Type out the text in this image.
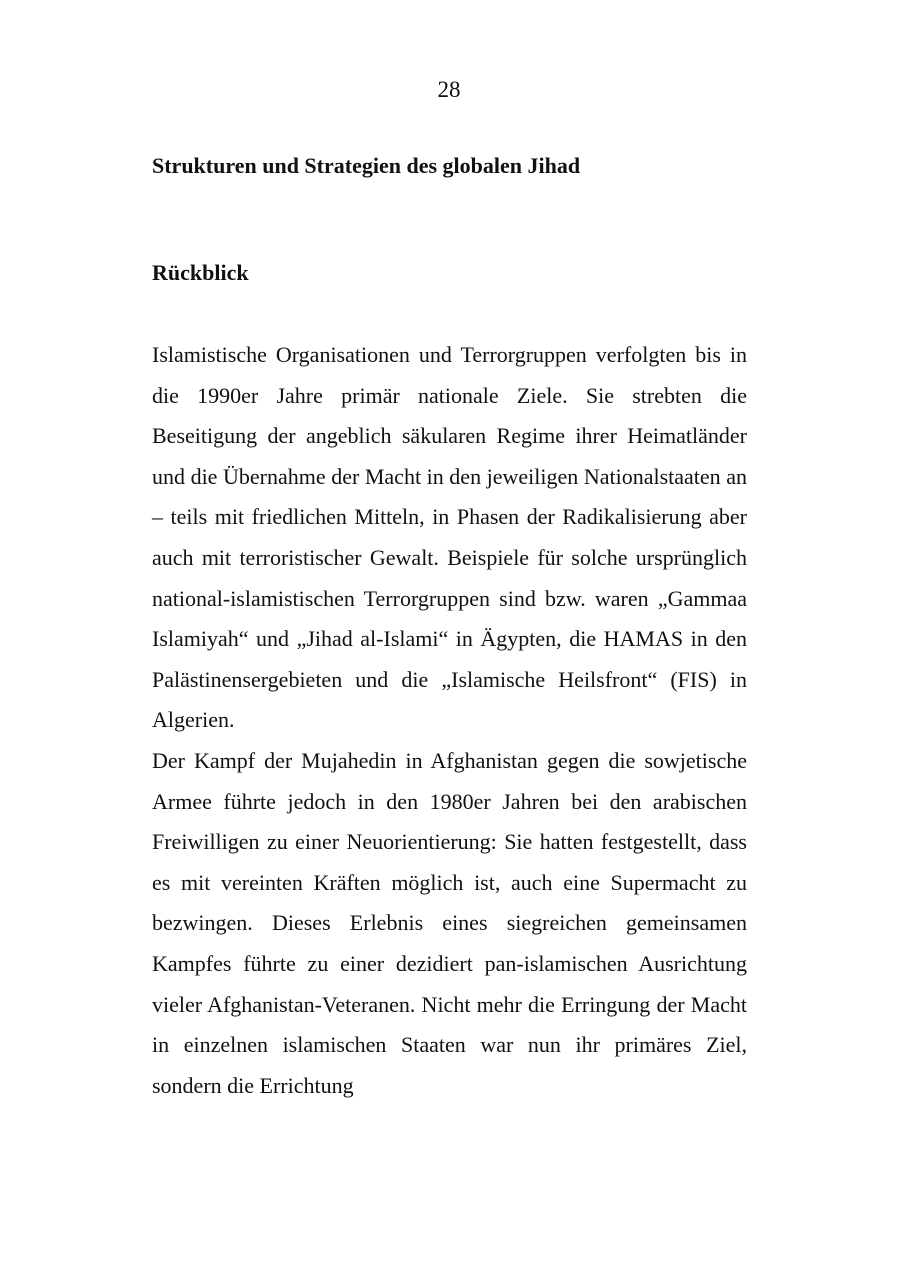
28
Strukturen und Strategien des globalen Jihad
Rückblick

Islamistische Organisationen und Terrorgruppen verfolgten bis in die 1990er Jahre primär nationale Ziele. Sie strebten die Beseitigung der angeblich säkularen Regime ihrer Heimatländer und die Übernahme der Macht in den jeweiligen Nationalstaaten an – teils mit friedlichen Mitteln, in Phasen der Radikalisierung aber auch mit terroristischer Gewalt. Beispiele für solche ursprünglich national-islamistischen Terrorgruppen sind bzw. waren „Gammaa Islamiyah“ und „Jihad al-Islami“ in Ägypten, die HAMAS in den Palästinensergebieten und die „Islamische Heilsfront“ (FIS) in Algerien.

Der Kampf der Mujahedin in Afghanistan gegen die sowjetische Armee führte jedoch in den 1980er Jahren bei den arabischen Freiwilligen zu einer Neuorientierung: Sie hatten festgestellt, dass es mit vereinten Kräften möglich ist, auch eine Supermacht zu bezwingen. Dieses Erlebnis eines siegreichen gemeinsamen Kampfes führte zu einer dezidiert pan-islamischen Ausrichtung vieler Afghanistan-Veteranen. Nicht mehr die Erringung der Macht in einzelnen islamischen Staaten war nun ihr primäres Ziel, sondern die Errichtung
